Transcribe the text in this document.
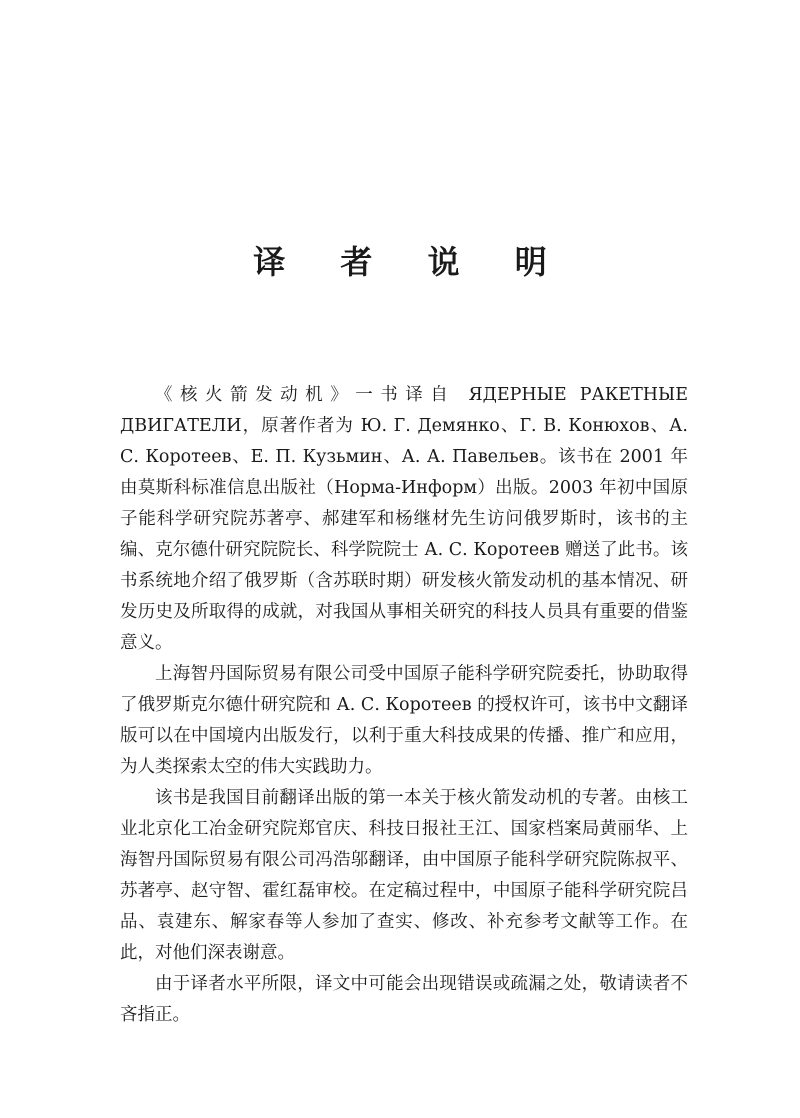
译 者 说 明

《核火箭发动机》一书译自 ЯДЕРНЫЕ РАКЕТНЫЕ ДВИГАТЕЛИ，原著作者为 Ю. Г. Демянко、Г. В. Конюхов、А. С. Коротеев、Е. П. Кузьмин、А. А. Павельев。该书在 2001 年由莫斯科标准信息出版社（Норма-Информ）出版。2003 年初中国原子能科学研究院苏著亭、郝建军和杨继材先生访问俄罗斯时，该书的主编、克尔德什研究院院长、科学院院士 А. С. Коротеев 赠送了此书。该书系统地介绍了俄罗斯（含苏联时期）研发核火箭发动机的基本情况、研发历史及所取得的成就，对我国从事相关研究的科技人员具有重要的借鉴意义。

上海智丹国际贸易有限公司受中国原子能科学研究院委托，协助取得了俄罗斯克尔德什研究院和 А. С. Коротеев 的授权许可，该书中文翻译版可以在中国境内出版发行，以利于重大科技成果的传播、推广和应用，为人类探索太空的伟大实践助力。

该书是我国目前翻译出版的第一本关于核火箭发动机的专著。由核工业北京化工冶金研究院郑官庆、科技日报社王江、国家档案局黄丽华、上海智丹国际贸易有限公司冯浩邬翻译，由中国原子能科学研究院陈叔平、苏著亭、赵守智、霍红磊审校。在定稿过程中，中国原子能科学研究院吕品、袁建东、解家春等人参加了查实、修改、补充参考文献等工作。在此，对他们深表谢意。

由于译者水平所限，译文中可能会出现错误或疏漏之处，敬请读者不吝指正。
